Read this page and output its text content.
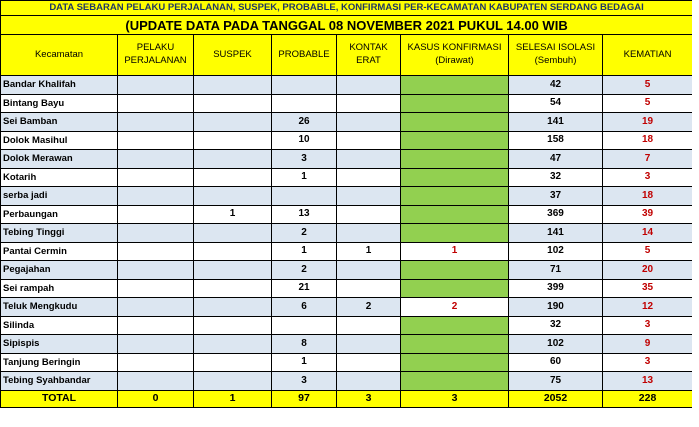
DATA SEBARAN PELAKU PERJALANAN, SUSPEK, PROBABLE, KONFIRMASI PER-KECAMATAN KABUPATEN SERDANG BEDAGAI							
(UPDATE DATA PADA TANGGAL 08 NOVEMBER 2021 PUKUL 14.00 WIB							
Kecamatan	PELAKU PERJALANAN	SUSPEK	PROBABLE	KONTAK ERAT	KASUS KONFIRMASI (Dirawat)	SELESAI ISOLASI (Sembuh)	KEMATIAN
Bandar Khalifah						42	5
Bintang Bayu						54	5
Sei Bamban			26			141	19
Dolok Masihul			10			158	18
Dolok Merawan			3			47	7
Kotarih			1			32	3
serba jadi						37	18
Perbaungan		1	13			369	39
Tebing Tinggi			2			141	14
Pantai Cermin			1	1	1	102	5
Pegajahan			2			71	20
Sei rampah			21			399	35
Teluk Mengkudu			6	2	2	190	12
Silinda						32	3
Sipispis			8			102	9
Tanjung Beringin			1			60	3
Tebing Syahbandar			3			75	13
TOTAL	0	1	97	3	3	2052	228
